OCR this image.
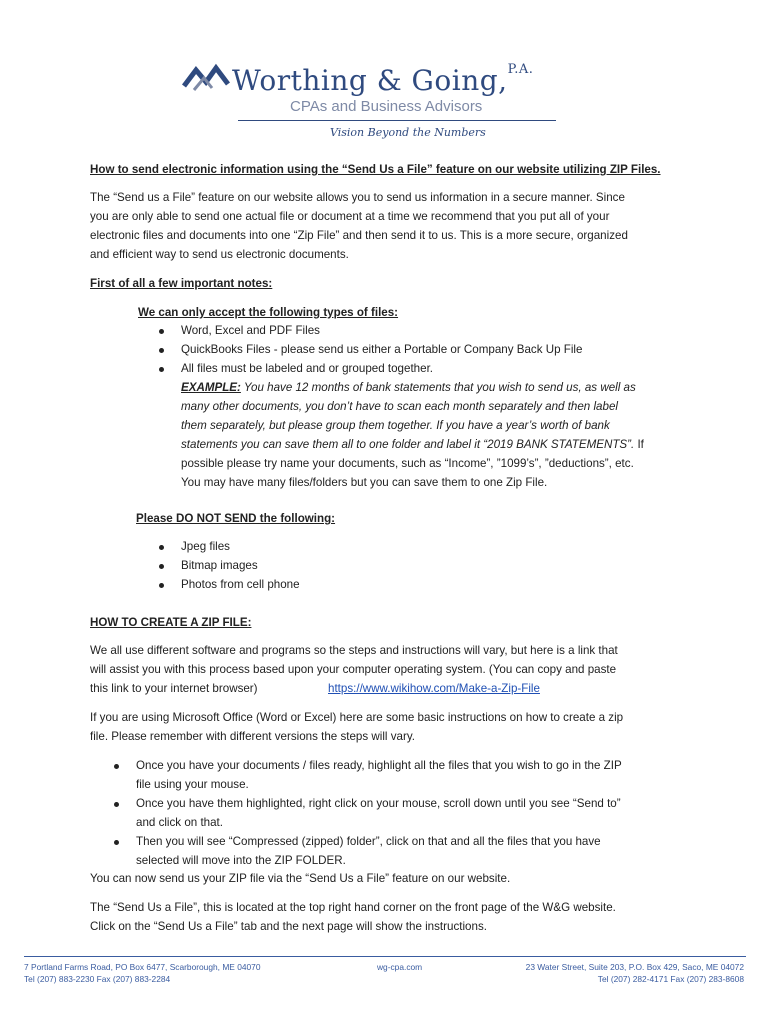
Worthing & Going,$^{P.A.}$
CPAs and Business Advisors
Vision Beyond the Numbers
How to send electronic information using the “Send Us a File” feature on our website utilizing ZIP Files.
The “Send us a File” feature on our website allows you to send us information in a secure manner. Since
you are only able to send one actual file or document at a time we recommend that you put all of your
electronic files and documents into one “Zip File” and then send it to us. This is a more secure, organized
and efficient way to send us electronic documents.
First of all a few important notes:
We can only accept the following types of files:
Word, Excel and PDF Files
QuickBooks Files - please send us either a Portable or Company Back Up File
All files must be labeled and or grouped together.
EXAMPLE: You have 12 months of bank statements that you wish to send us, as well as
many other documents, you don’t have to scan each month separately and then label
them separately, but please group them together. If you have a year’s worth of bank
statements you can save them all to one folder and label it “2019 BANK STATEMENTS”. If
possible please try name your documents, such as “Income”, ”1099’s”, ”deductions”, etc.
You may have many files/folders but you can save them to one Zip File.
Please DO NOT SEND the following:
Jpeg files
Bitmap images
Photos from cell phone
HOW TO CREATE A ZIP FILE:
We all use different software and programs so the steps and instructions will vary, but here is a link that
will assist you with this process based upon your computer operating system. (You can copy and paste
this link to your internet browser)	https://www.wikihow.com/Make-a-Zip-File
If you are using Microsoft Office (Word or Excel) here are some basic instructions on how to create a zip
file. Please remember with different versions the steps will vary.
Once you have your documents / files ready, highlight all the files that you wish to go in the ZIP
file using your mouse.
Once you have them highlighted, right click on your mouse, scroll down until you see “Send to”
and click on that.
Then you will see “Compressed (zipped) folder”, click on that and all the files that you have
selected will move into the ZIP FOLDER.
You can now send us your ZIP file via the “Send Us a File” feature on our website.
The “Send Us a File”, this is located at the top right hand corner on the front page of the W&G website.
Click on the “Send Us a File” tab and the next page will show the instructions.
7 Portland Farms Road, PO Box 6477, Scarborough, ME 04070
Tel (207) 883-2230 Fax (207) 883-2284
wg-cpa.com	23 Water Street, Suite 203, P.O. Box 429, Saco, ME 04072
Tel (207) 282-4171 Fax (207) 283-8608
